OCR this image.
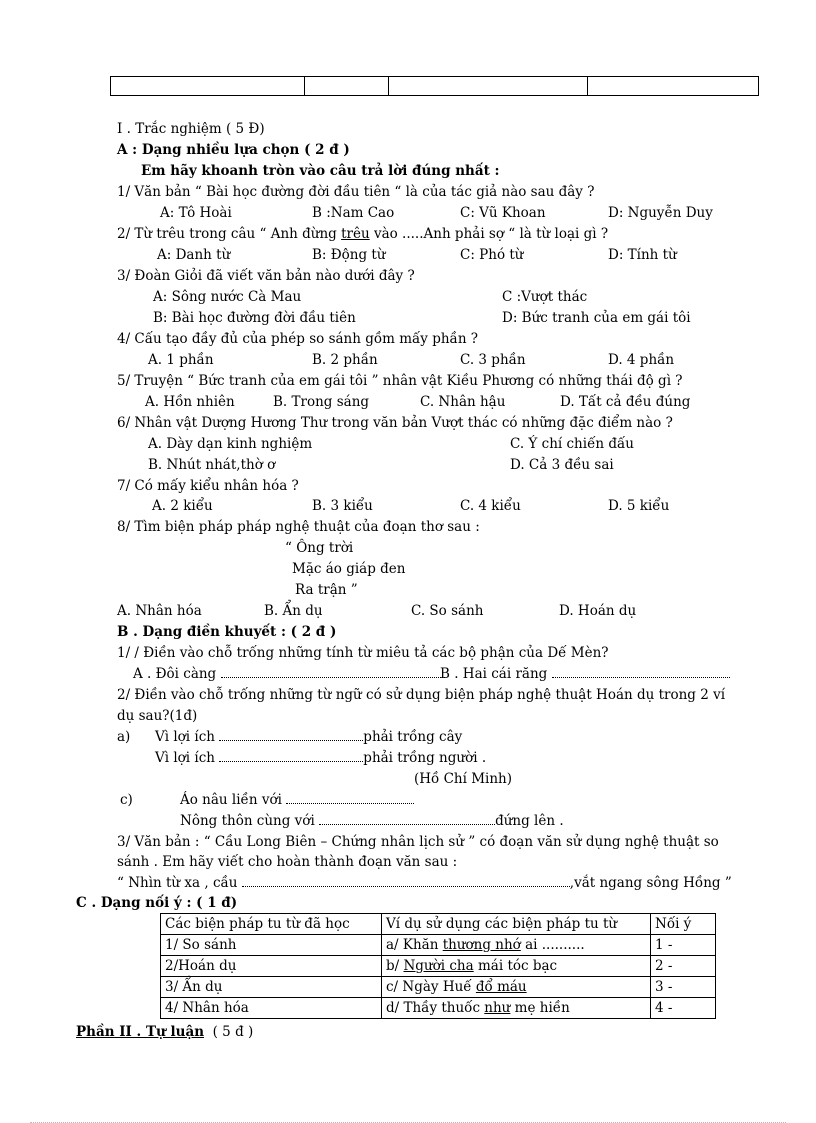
I . Trắc nghiệm ( 5 Đ)
A : Dạng nhiều lựa chọn ( 2 đ )
Em hãy khoanh tròn vào câu trả lời đúng nhất :
1/ Văn bản “ Bài học đường đời đầu tiên “ là của tác giả nào sau đây ?
A: Tô Hoài	B :Nam Cao	C: Vũ Khoan	D: Nguyễn Duy
2/ Từ trêu trong câu “ Anh đừng trêu vào .....Anh phải sợ “ là từ loại gì ?
A: Danh từ	B: Động từ	C: Phó từ	D: Tính từ
3/ Đoàn Giỏi đã viết văn bản nào dưới đây ?
A: Sông nước Cà Mau	C :Vượt thác
B: Bài học đường đời đầu tiên	D: Bức tranh của em gái tôi
4/ Cấu tạo đầy đủ của phép so sánh gồm mấy phần ?
A. 1 phần	B. 2 phần	C. 3 phần	D. 4 phần
5/ Truyện “ Bức tranh của em gái tôi ” nhân vật Kiều Phương có những thái độ gì ?
A. Hồn nhiên	B. Trong sáng	C. Nhân hậu	D. Tất cả đều đúng
6/ Nhân vật Dượng Hương Thư trong văn bản Vượt thác có những đặc điểm nào ?
A. Dày dạn kinh nghiệm	C. Ý chí chiến đấu
B. Nhút nhát,thờ ơ	D. Cả 3 đều sai
7/ Có mấy kiểu nhân hóa ?
A. 2 kiểu	B. 3 kiểu	C. 4 kiểu	D. 5 kiểu
8/ Tìm biện pháp pháp nghệ thuật của đoạn thơ sau :
“ Ông trời
Mặc áo giáp đen
Ra trận ”
A. Nhân hóa	B. Ẩn dụ	C. So sánh	D. Hoán dụ
B . Dạng điền khuyết : ( 2 đ )
1/ / Điền vào chỗ trống những tính từ miêu tả các bộ phận của Dế Mèn?
A . Đôi càng	B . Hai cái răng
2/ Điền vào chỗ trống những từ ngữ có sử dụng biện pháp nghệ thuật Hoán dụ trong 2 ví
dụ sau?(1đ)
a) Vì lợi ích	phải trồng cây
Vì lợi ích	phải trồng người .
(Hồ Chí Minh)
c)	Áo nâu liền với
Nông thôn cùng với	đứng lên .
3/ Văn bản : “ Cầu Long Biên – Chứng nhân lịch sử ” có đoạn văn sử dụng nghệ thuật so
sánh . Em hãy viết cho hoàn thành đoạn văn sau :
“ Nhìn từ xa , cầu	,vắt ngang sông Hồng ”
C . Dạng nối ý : ( 1 đ)
Các biện pháp tu từ đã học	Ví dụ sử dụng các biện pháp tu từ	Nối ý
1/ So sánh	a/ Khăn thương nhớ ai ..........	1 -
2/Hoán dụ	b/ Người cha mái tóc bạc	2 -
3/ Ẩn dụ	c/ Ngày Huế đổ máu	3 -
4/ Nhân hóa	d/ Thầy thuốc như mẹ hiền	4 -
Phần II . Tự luận ( 5 đ )
